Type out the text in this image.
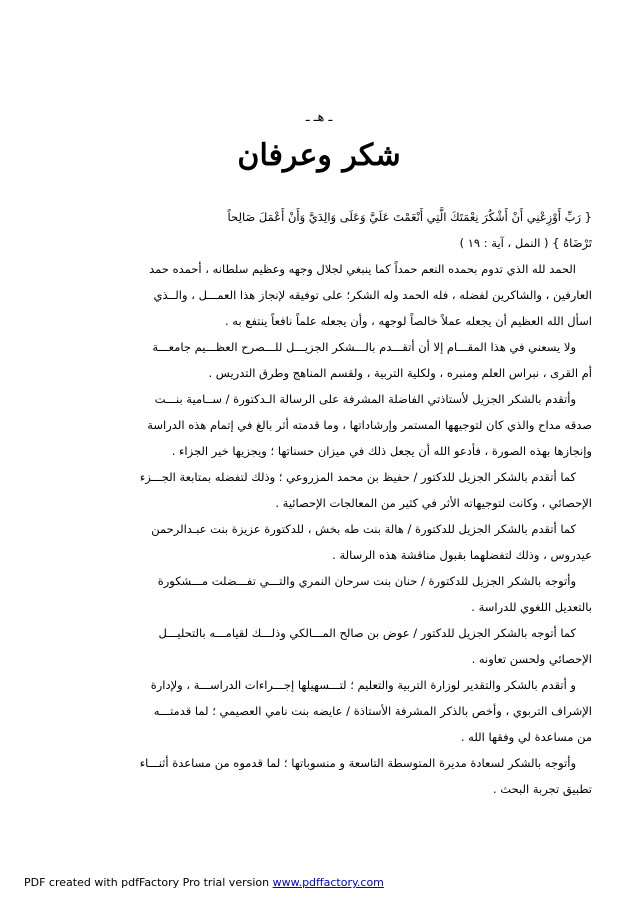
ـ هـ ـ
شكر وعرفان
{ رَبِّ أَوْزِعْنِي أَنْ أَشْكُرَ نِعْمَتَكَ الَّتِي أَنْعَمْتَ عَلَيَّ وَعَلَى وَالِدَيَّ وَأَنْ أَعْمَلَ صَالِحاً
تَرْضَاهُ } ( النمل ، آية : ١٩ )
الحمد لله الذي تدوم بحمده النعم حمداً كما ينبغي لجلال وجهه وعظيم سلطانه ، أحمده حمد
العارفين ، والشاكرين لفضله ، فله الحمد وله الشكر؛ على توفيقه لإنجاز هذا العمـــل ، والــذي
اسأل الله العظيم أن يجعله عملاً خالصاً لوجهه ، وأن يجعله علماً نافعاً ينتفع به .
ولا يسعني في هذا المقـــام إلا أن أتقـــدم بالـــشكر الجزيـــل للـــصرح العظـــيم جامعـــة
أم القرى ، نبراس العلم ومنبره ، ولكلية التربية ، ولقسم المناهج وطرق التدريس .
وأتقدم بالشكر الجزيل لأستاذتي الفاضلة المشرفة على الرسالة الـدكتورة / ســامية بنـــت
صدقه مداح والذي كان لتوجيهها المستمر وإرشاداتها ، وما قدمته أثر بالغ في إتمام هذه الدراسة
وإنجازها بهذه الصورة ، فأدعو الله أن يجعل ذلك في ميزان حسناتها ؛ ويجزيها خير الجزاء .
كما أتقدم بالشكر الجزيل للدكتور / حفيظ بن محمد المزروعي ؛ وذلك لتفضله بمتابعة الجـــزء
الإحصائي ، وكانت لتوجيهاته الأثر في كثير من المعالجات الإحصائية .
كما أتقدم بالشكر الجزيل للدكتورة / هالة بنت طه بخش ، للدكتورة عزيزة بنت عبـدالرحمن
عيدروس ، وذلك لتفضلهما بقبول مناقشة هذه الرسالة .
وأتوجه بالشكر الجزيل للدكتورة / حنان بنت سرحان النمري والتـــي تفـــضلت مـــشكورة
بالتعديل اللغوي للدراسة .
كما أتوجه بالشكر الجزيل للدكتور / عوض بن صالح المـــالكي وذلـــك لقيامـــه بالتحليـــل
الإحصائي ولحسن تعاونه .
و أتقدم بالشكر والتقدير لوزارة التربية والتعليم ؛ لتـــسهيلها إجـــراءات الدراســـة ، ولإدارة
الإشراف التربوي ، وأخص بالذكر المشرفة الأستاذة / عايضه بنت نامي العصيمي ؛ لما قدمتـــه
من مساعدة لي وفقها الله .
وأتوجه بالشكر لسعادة مديرة المتوسطة التاسعة و منسوباتها ؛ لما قدموه من مساعدة أثنـــاء
تطبيق تجربة البحث .
PDF created with pdfFactory Pro trial version www.pdffactory.com
